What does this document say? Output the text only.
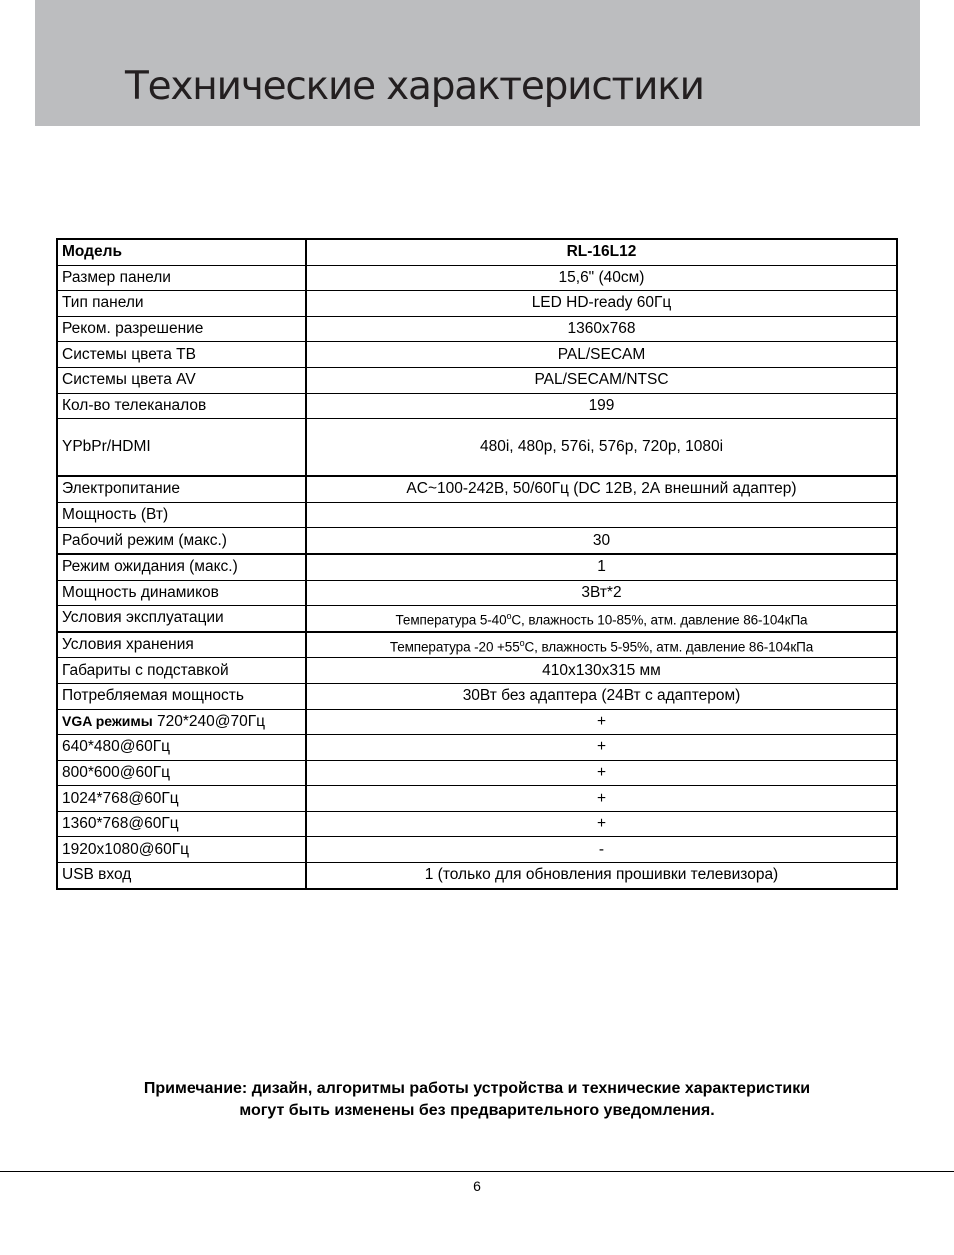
Технические характеристики
Модель	RL-16L12
Размер панели	15,6" (40см)
Тип панели	LED HD-ready 60Гц
Реком. разрешение	1360x768
Системы цвета ТВ	PAL/SECAM
Системы цвета AV	PAL/SECAM/NTSC
Кол-во телеканалов	199
YPbPr/HDMI	480i, 480p, 576i, 576p, 720p, 1080i
Электропитание	AC~100-242В, 50/60Гц (DC 12В, 2А внешний адаптер)
Мощность (Вт)	
Рабочий режим (макс.)	30
Режим ожидания (макс.)	1
Мощность динамиков	3Вт*2
Условия эксплуатации	Температура 5-40$^o$С, влажность 10-85%, атм. давление 86-104кПа
Условия хранения	Температура $-20 +55^oС$, влажность 5-95%, атм. давление 86-104кПа
Габариты с подставкой	410x130x315 мм
Потребляемая мощность	30Вт без адаптера (24Вт с адаптером)
VGA режимы 720*240@70Гц	+
640*480@60Гц	+
800*600@60Гц	+
1024*768@60Гц	+
1360*768@60Гц	+
1920x1080@60Гц	-
USB вход	1 (только для обновления прошивки телевизора)
Примечание: дизайн, алгоритмы работы устройства и технические характеристики
могут быть изменены без предварительного уведомления.
6
